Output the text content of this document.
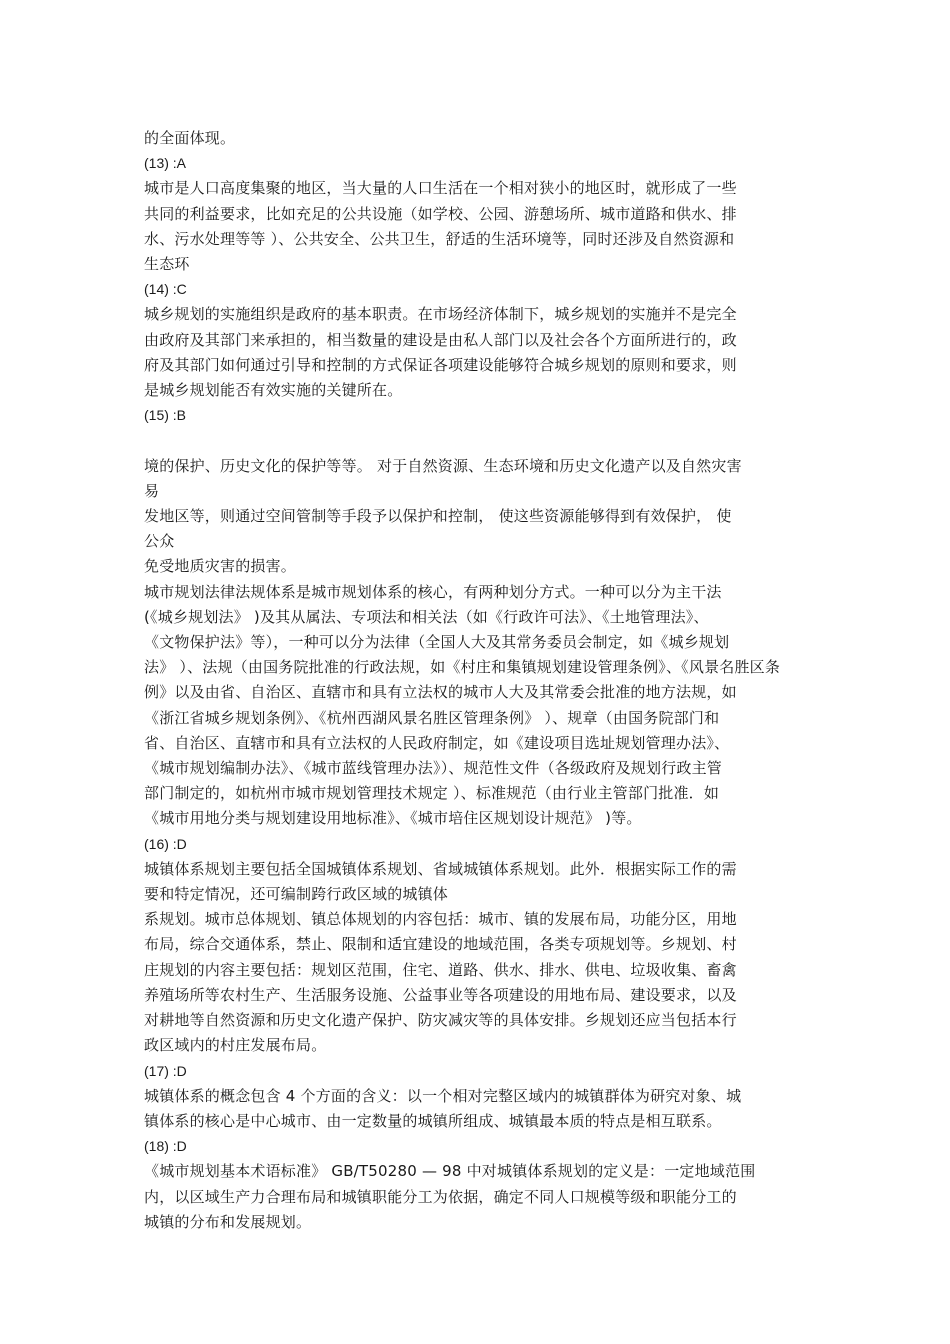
的全面体现。
(13) :A
城市是人口高度集聚的地区，当大量的人口生活在一个相对狭小的地区时，就形成了一些
共同的利益要求，比如充足的公共设施（如学校、公园、游憩场所、城市道路和供水、排
水、污水处理等等 ）、公共安全、公共卫生，舒适的生活环境等，同时还涉及自然资源和
生态环
(14) :C
城乡规划的实施组织是政府的基本职责。在市场经济体制下，城乡规划的实施并不是完全
由政府及其部门来承担的，相当数量的建设是由私人部门以及社会各个方面所进行的，政
府及其部门如何通过引导和控制的方式保证各项建设能够符合城乡规划的原则和要求，则
是城乡规划能否有效实施的关键所在。
(15) :B
境的保护、历史文化的保护等等。 对于自然资源、生态环境和历史文化遗产以及自然灾害
易
发地区等，则通过空间管制等手段予以保护和控制， 使这些资源能够得到有效保护， 使
公众
免受地质灾害的损害。
城市规划法律法规体系是城市规划体系的核心，有两种划分方式。一种可以分为主干法
(《城乡规划法》 )及其从属法、专项法和相关法（如《行政许可法》、《土地管理法》、
《文物保护法》等），一种可以分为法律（全国人大及其常务委员会制定，如《城乡规划
法》 ）、法规（由国务院批准的行政法规，如《村庄和集镇规划建设管理条例》、《风景名胜区条
例》以及由省、自治区、直辖市和具有立法权的城市人大及其常委会批准的地方法规，如
《浙江省城乡规划条例》、《杭州西湖风景名胜区管理条例》 ）、规章（由国务院部门和
省、自治区、直辖市和具有立法权的人民政府制定，如《建设项目选址规划管理办法》、
《城市规划编制办法》、《城市蓝线管理办法》）、规范性文件（各级政府及规划行政主管
部门制定的，如杭州市城市规划管理技术规定 ）、标准规范（由行业主管部门批准．如
《城市用地分类与规划建设用地标准》、《城市培住区规划设计规范》 )等。
(16) :D
城镇体系规划主要包括全国城镇体系规划、省域城镇体系规划。此外．根据实际工作的需
要和特定情况，还可编制跨行政区域的城镇体
系规划。城市总体规划、镇总体规划的内容包括：城市、镇的发展布局，功能分区，用地
布局，综合交通体系，禁止、限制和适宜建设的地域范围，各类专项规划等。乡规划、村
庄规划的内容主要包括：规划区范围，住宅、道路、供水、排水、供电、垃圾收集、畜禽
养殖场所等农村生产、生活服务设施、公益事业等各项建设的用地布局、建设要求，以及
对耕地等自然资源和历史文化遗产保护、防灾减灾等的具体安排。乡规划还应当包括本行
政区域内的村庄发展布局。
(17) :D
城镇体系的概念包含 4 个方面的含义：以一个相对完整区域内的城镇群体为研究对象、城
镇体系的核心是中心城市、由一定数量的城镇所组成、城镇最本质的特点是相互联系。
(18) :D
《城市规划基本术语标准》 GB/T50280 — 98 中对城镇体系规划的定义是：一定地域范围
内，以区域生产力合理布局和城镇职能分工为依据，确定不同人口规模等级和职能分工的
城镇的分布和发展规划。
